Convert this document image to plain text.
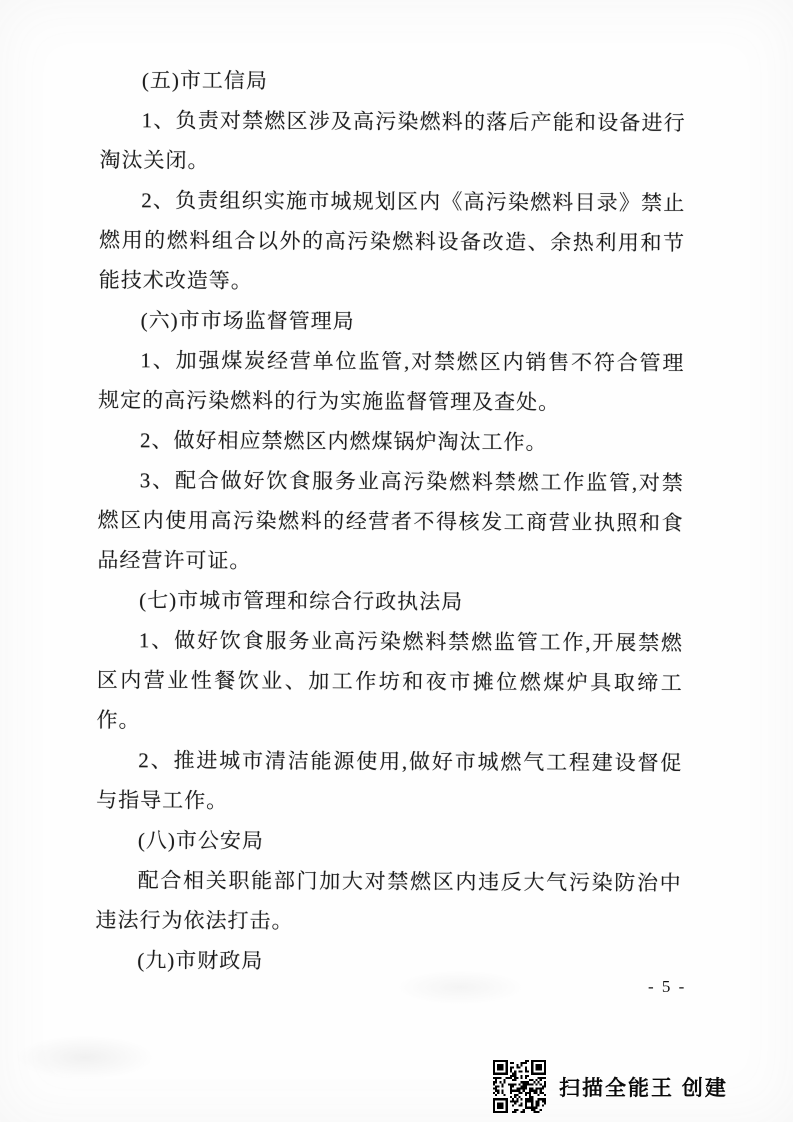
(五)市工信局

1、负责对禁燃区涉及高污染燃料的落后产能和设备进行淘汰关闭。

2、负责组织实施市城规划区内《高污染燃料目录》禁止燃用的燃料组合以外的高污染燃料设备改造、余热利用和节能技术改造等。

(六)市市场监督管理局

1、加强煤炭经营单位监管,对禁燃区内销售不符合管理规定的高污染燃料的行为实施监督管理及查处。

2、做好相应禁燃区内燃煤锅炉淘汰工作。

3、配合做好饮食服务业高污染燃料禁燃工作监管,对禁燃区内使用高污染燃料的经营者不得核发工商营业执照和食品经营许可证。

(七)市城市管理和综合行政执法局

1、做好饮食服务业高污染燃料禁燃监管工作,开展禁燃区内营业性餐饮业、加工作坊和夜市摊位燃煤炉具取缔工作。

2、推进城市清洁能源使用,做好市城燃气工程建设督促与指导工作。

(八)市公安局

配合相关职能部门加大对禁燃区内违反大气污染防治中违法行为依法打击。

(九)市财政局

- 5 -
扫描全能王 创建
